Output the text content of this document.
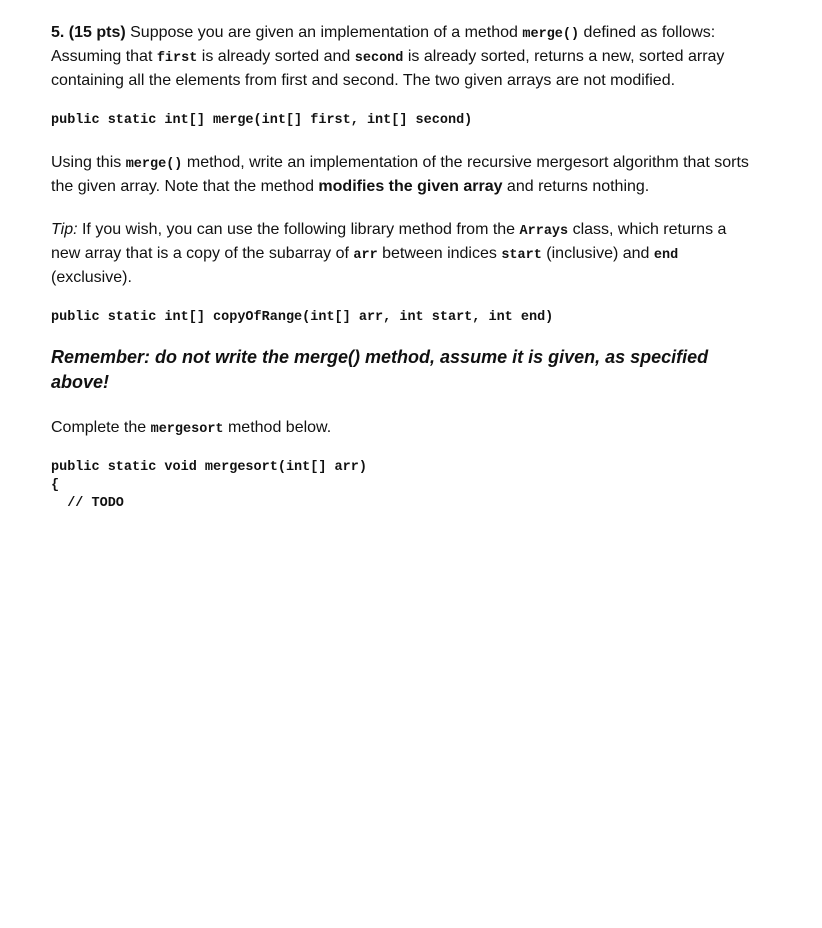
5. (15 pts) Suppose you are given an implementation of a method merge() defined as follows: Assuming that first is already sorted and second is already sorted, returns a new, sorted array containing all the elements from first and second. The two given arrays are not modified.

public static int[] merge(int[] first, int[] second)

Using this merge() method, write an implementation of the recursive mergesort algorithm that sorts the given array. Note that the method modifies the given array and returns nothing.

Tip: If you wish, you can use the following library method from the Arrays class, which returns a new array that is a copy of the subarray of arr between indices start (inclusive) and end (exclusive).

public static int[] copyOfRange(int[] arr, int start, int end)

Remember: do not write the merge() method, assume it is given, as specified above!

Complete the mergesort method below.

public static void mergesort(int[] arr)

{

// TODO
